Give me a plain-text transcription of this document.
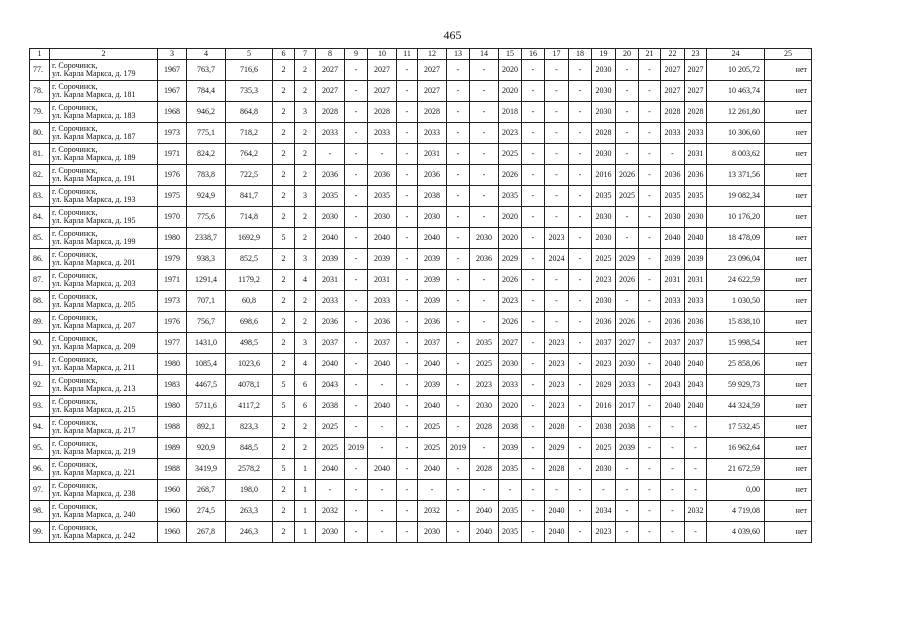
465
1	2	3	4	5	6	7	8	9	10	11	12	13	14	15	16	17	18	19	20	21	22	23	24	25
77.	г. Сорочинск,
ул. Карла Маркса, д. 179	1967	763,7	716,6	2	2	2027	-	2027	-	2027	-	-	2020	-	-	-	2030	-	-	2027	2027	10 205,72	нет
78.	г. Сорочинск,
ул. Карла Маркса, д. 181	1967	784,4	735,3	2	2	2027	-	2027	-	2027	-	-	2020	-	-	-	2030	-	-	2027	2027	10 463,74	нет
79.	г. Сорочинск,
ул. Карла Маркса, д. 183	1968	946,2	864,8	2	3	2028	-	2028	-	2028	-	-	2018	-	-	-	2030	-	-	2028	2028	12 261,80	нет
80.	г. Сорочинск,
ул. Карла Маркса, д. 187	1973	775,1	718,2	2	2	2033	-	2033	-	2033	-	-	2023	-	-	-	2028	-	-	2033	2033	10 306,60	нет
81.	г. Сорочинск,
ул. Карла Маркса, д. 189	1971	824,2	764,2	2	2	-	-	-	-	2031	-	-	2025	-	-	-	2030	-	-	-	2031	8 003,62	нет
82.	г. Сорочинск,
ул. Карла Маркса, д. 191	1976	783,8	722,5	2	2	2036	-	2036	-	2036	-	-	2026	-	-	-	2016	2026	-	2036	2036	13 371,56	нет
83.	г. Сорочинск,
ул. Карла Маркса, д. 193	1975	924,9	841,7	2	3	2035	-	2035	-	2038	-	-	2035	-	-	-	2035	2025	-	2035	2035	19 082,34	нет
84.	г. Сорочинск,
ул. Карла Маркса, д. 195	1970	775,6	714,8	2	2	2030	-	2030	-	2030	-	-	2020	-	-	-	2030	-	-	2030	2030	10 176,20	нет
85.	г. Сорочинск,
ул. Карла Маркса, д. 199	1980	2338,7	1692,9	5	2	2040	-	2040	-	2040	-	2030	2020	-	2023	-	2030	-	-	2040	2040	18 478,09	нет
86.	г. Сорочинск,
ул. Карла Маркса, д. 201	1979	938,3	852,5	2	3	2039	-	2039	-	2039	-	2036	2029	-	2024	-	2025	2029	-	2039	2039	23 096,04	нет
87.	г. Сорочинск,
ул. Карла Маркса, д. 203	1971	1291,4	1179,2	2	4	2031	-	2031	-	2039	-	-	2026	-	-	-	2023	2026	-	2031	2031	24 622,59	нет
88.	г. Сорочинск,
ул. Карла Маркса, д. 205	1973	707,1	60,8	2	2	2033	-	2033	-	2039	-	-	2023	-	-	-	2030	-	-	2033	2033	1 030,50	нет
89.	г. Сорочинск,
ул. Карла Маркса, д. 207	1976	756,7	698,6	2	2	2036	-	2036	-	2036	-	-	2026	-	-	-	2036	2026	-	2036	2036	15 838,10	нет
90.	г. Сорочинск,
ул. Карла Маркса, д. 209	1977	1431,0	498,5	2	3	2037	-	2037	-	2037	-	2035	2027	-	2023	-	2037	2027	-	2037	2037	15 998,54	нет
91.	г. Сорочинск,
ул. Карла Маркса, д. 211	1980	1085,4	1023,6	2	4	2040	-	2040	-	2040	-	2025	2030	-	2023	-	2023	2030	-	2040	2040	25 858,06	нет
92.	г. Сорочинск,
ул. Карла Маркса, д. 213	1983	4467,5	4078,1	5	6	2043	-	-	-	2039	-	2023	2033	-	2023	-	2029	2033	-	2043	2043	59 929,73	нет
93.	г. Сорочинск,
ул. Карла Маркса, д. 215	1980	5711,6	4117,2	5	6	2038	-	2040	-	2040	-	2030	2020	-	2023	-	2016	2017	-	2040	2040	44 324,59	нет
94.	г. Сорочинск,
ул. Карла Маркса, д. 217	1988	892,1	823,3	2	2	2025	-	-	-	2025	-	2028	2038	-	2028	-	2038	2038	-	-	-	17 532,45	нет
95.	г. Сорочинск,
ул. Карла Маркса, д. 219	1989	920,9	848,5	2	2	2025	2019	-	-	2025	2019	-	2039	-	2029	-	2025	2039	-	-	-	16 962,64	нет
96.	г. Сорочинск,
ул. Карла Маркса, д. 221	1988	3419,9	2578,2	5	1	2040	-	2040	-	2040	-	2028	2035	-	2028	-	2030	-	-	-	-	21 672,59	нет
97.	г. Сорочинск,
ул. Карла Маркса, д. 238	1960	268,7	198,0	2	1	-	-	-	-	-	-	-	-	-	-	-	-	-	-	-	-	0,00	нет
98.	г. Сорочинск,
ул. Карла Маркса, д. 240	1960	274,5	263,3	2	1	2032	-	-	-	2032	-	2040	2035	-	2040	-	2034	-	-	-	2032	4 719,08	нет
99.	г. Сорочинск,
ул. Карла Маркса, д. 242	1960	267,8	246,3	2	1	2030	-	-	-	2030	-	2040	2035	-	2040	-	2023	-	-	-	-	4 039,60	нет
